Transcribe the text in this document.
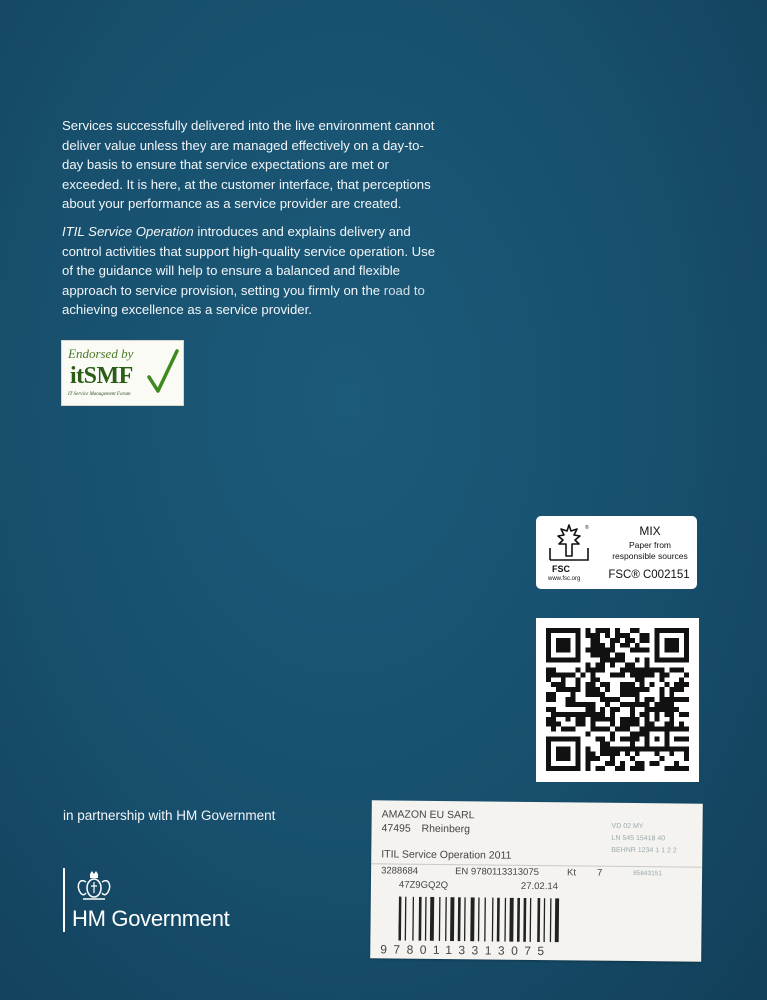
Services successfully delivered into the live environment cannot deliver value unless they are managed effectively on a day-to-day basis to ensure that service expectations are met or exceeded. It is here, at the customer interface, that perceptions about your performance as a service provider are created.

ITIL Service Operation introduces and explains delivery and control activities that support high-quality service operation. Use of the guidance will help to ensure a balanced and flexible approach to service provision, setting you firmly on the road to achieving excellence as a service provider.

Endorsed by
itSMF
IT Service Management Forum
®
FSC
www.fsc.org
MIX
Paper from
responsible sources
FSC® C002151
in partnership with HM Government
HM Government
AMAZON EU SARL
47495 Rheinberg	VD 02 MY
LN 545 15418 40
BEHNR 1234 1 1 2 2
ITIL Service Operation 2011
3288684	EN 9780113313075	Kt 7	85843151
47Z9GQ2Q	27.02.14
9780113313075
